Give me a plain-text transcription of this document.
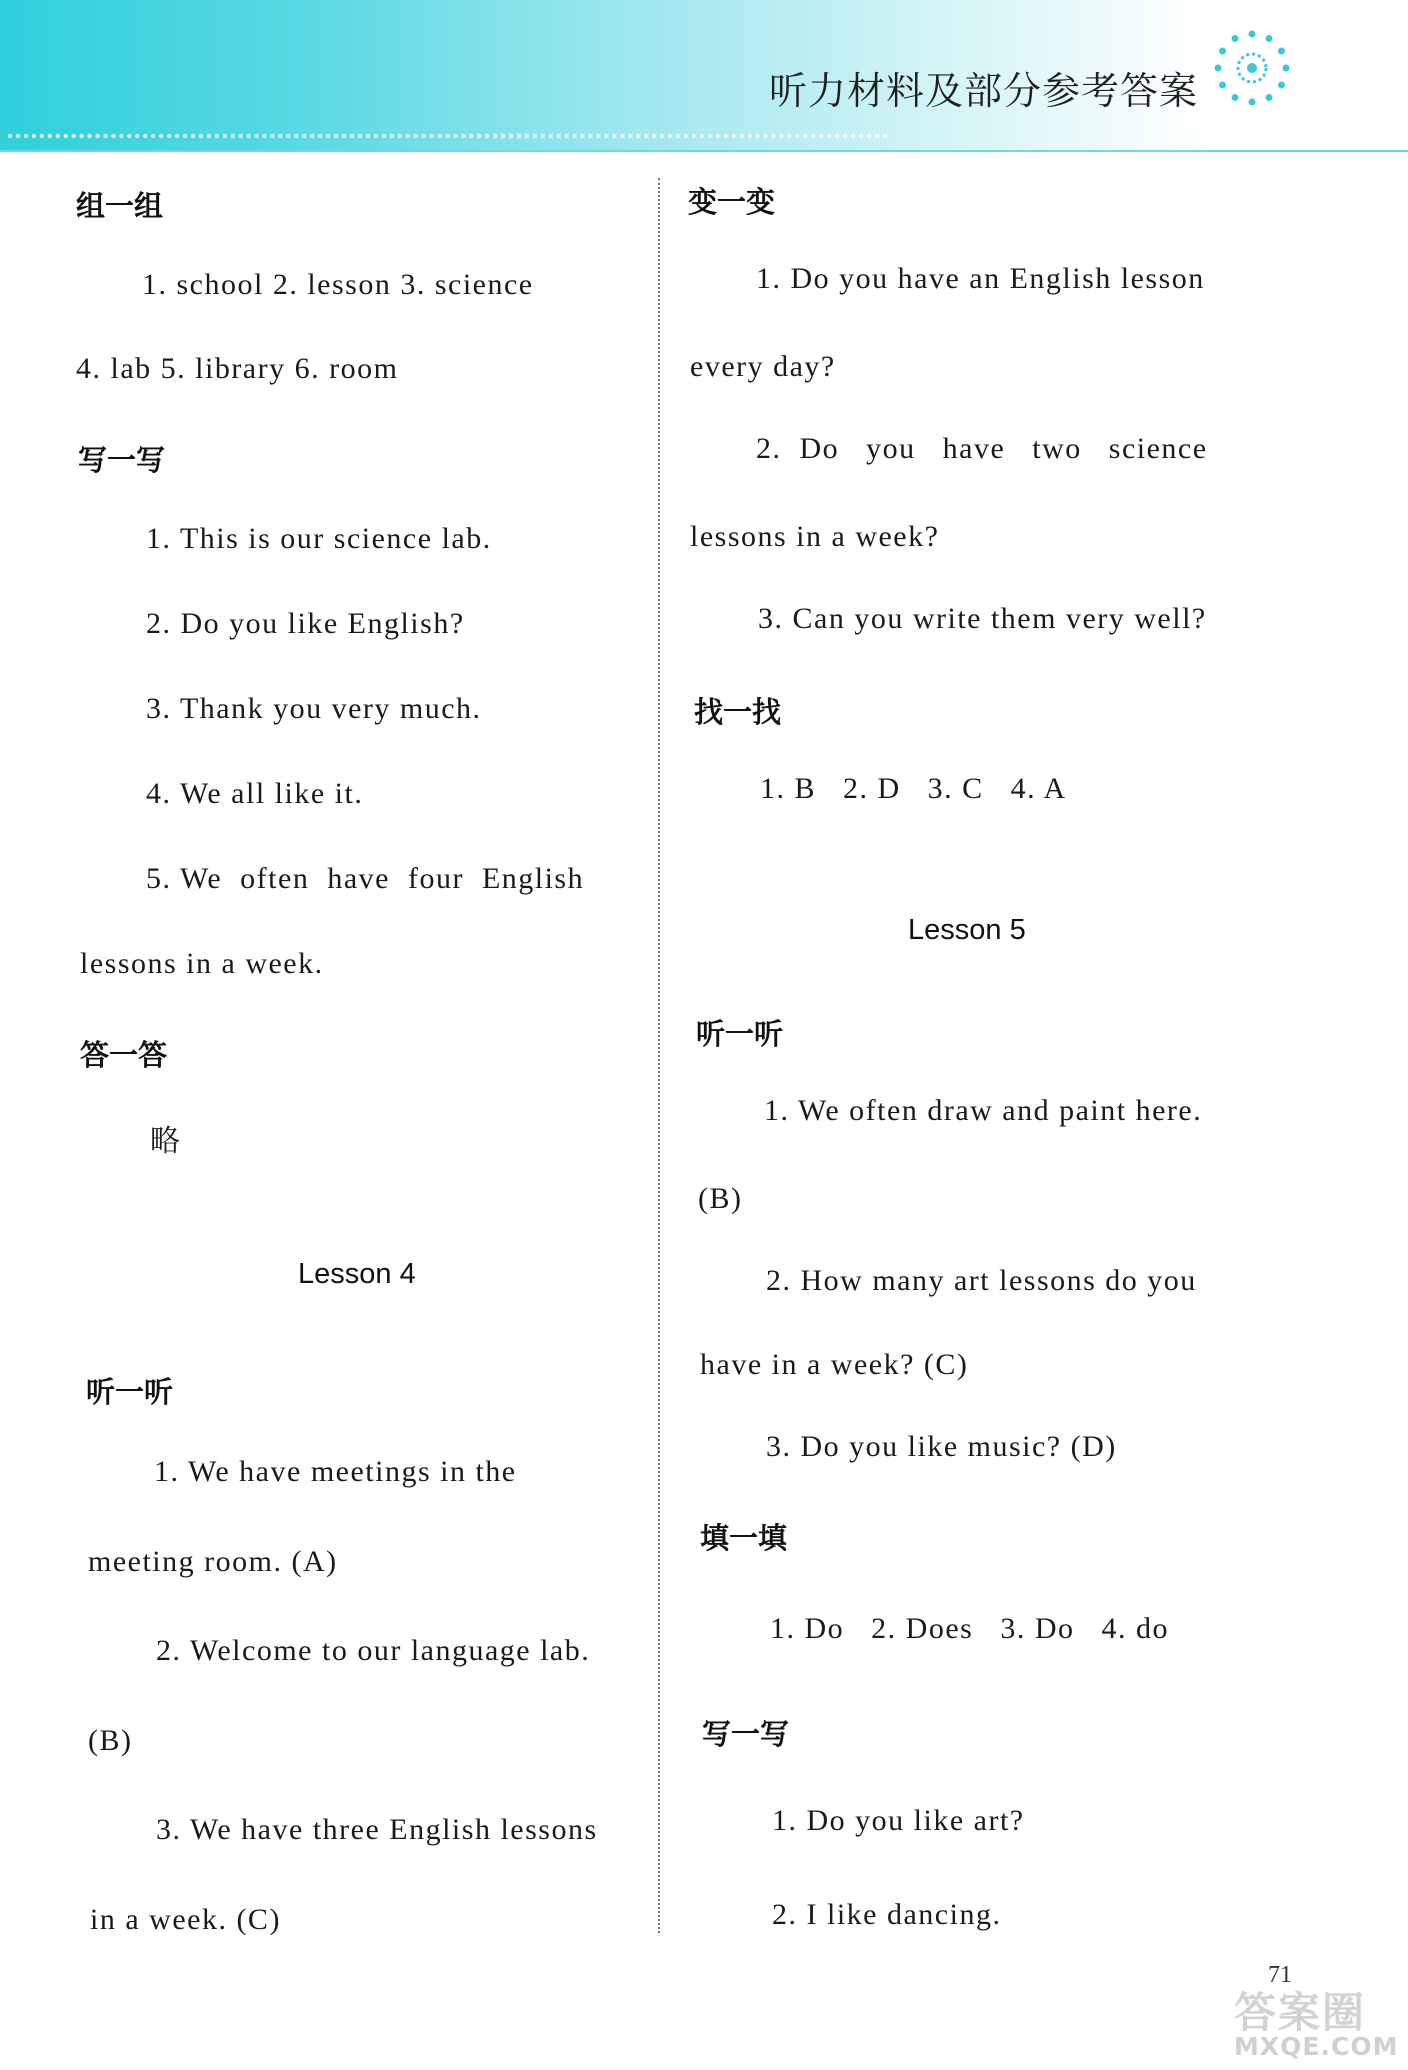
听力材料及部分参考答案
组一组
1. school 2. lesson 3. science
4. lab 5. library 6. room
写一写
1. This is our science lab.
2. Do you like English?
3. Thank you very much.
4. We all like it.
5. We  often  have  four  English
lessons in a week.
答一答
略
Lesson 4
听一听
1. We have meetings in the
meeting room. (A)
2. Welcome to our language lab.
(B)
3. We have three English lessons
in a week. (C)
变一变
1. Do you have an English lesson
every day?
2.  Do   you   have   two   science
lessons in a week?
3. Can you write them very well?
找一找
1. B   2. D   3. C   4. A
Lesson 5
听一听
1. We often draw and paint here.
(B)
2. How many art lessons do you
have in a week? (C)
3. Do you like music? (D)
填一填
1. Do   2. Does   3. Do   4. do
写一写
1. Do you like art?
2. I like dancing.
71
答案圈
MXQE.COM
